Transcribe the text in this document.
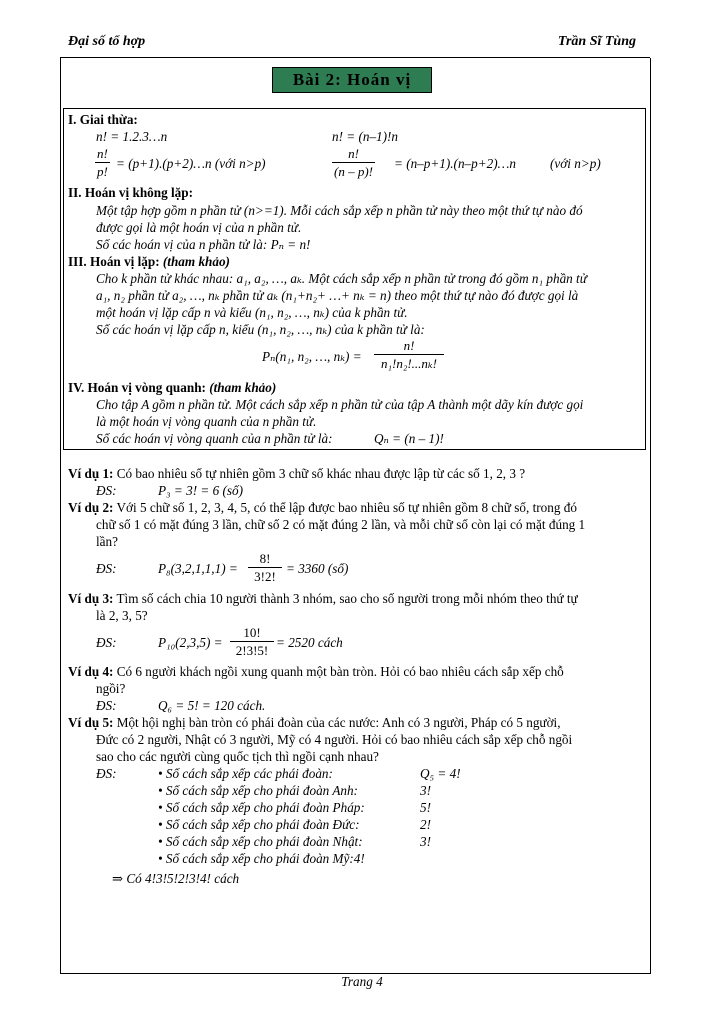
Đại số tổ hợp	Trần Sĩ Tùng
Bài 2: Hoán vị
I. Giai thừa:
n! = 1.2.3…n	n! = (n–1)!n
$\frac{n!}{p!}$ = (p+1).(p+2)…n (với n>p)	$\frac{n!}{(n - p)!}$ = (n–p+1).(n–p+2)…n	(với n>p)
II. Hoán vị không lặp:
Một tập hợp gồm n phần tử (n>=1). Mỗi cách sắp xếp n phần tử này theo một thứ tự nào đó
được gọi là một hoán vị của n phần tử.
Số các hoán vị của n phần tử là: Pₙ = n!
III. Hoán vị lặp: (tham khảo)
Cho k phần tử khác nhau: a₁, a₂, …, aₖ. Một cách sắp xếp n phần tử trong đó gồm n₁ phần tử
a₁, n₂ phần tử a₂, …, nₖ phần tử aₖ (n₁+n₂+ …+ nₖ = n) theo một thứ tự nào đó được gọi là
một hoán vị lặp cấp n và kiểu (n₁, n₂, …, nₖ) của k phần tử.
Số các hoán vị lặp cấp n, kiểu (n₁, n₂, …, nₖ) của k phần tử là:
Pₙ(n₁, n₂, …, $n_k) = \frac{n!}{\text{n₁!n₂!...nₖ!}}$
IV. Hoán vị vòng quanh: (tham khảo)
Cho tập A gồm n phần tử. Một cách sắp xếp n phần tử của tập A thành một dãy kín được gọi
là một hoán vị vòng quanh của n phần tử.
Số các hoán vị vòng quanh của n phần tử là:	Qₙ = (n – 1)!
Ví dụ 1: Có bao nhiêu số tự nhiên gồm 3 chữ số khác nhau được lập từ các số 1, 2, 3 ?
ĐS:	P₃ = 3! = 6 (số)
Ví dụ 2: Với 5 chữ số 1, 2, 3, 4, 5, có thể lập được bao nhiêu số tự nhiên gồm 8 chữ số, trong đó
chữ số 1 có mặt đúng 3 lần, chữ số 2 có mặt đúng 2 lần, và mỗi chữ số còn lại có mặt đúng 1
lần?
ĐS:	$P_8(3,2,1,1,1) = \frac{8!}{3!2!} = 3360$ (số)
Ví dụ 3: Tìm số cách chia 10 người thành 3 nhóm, sao cho số người trong mỗi nhóm theo thứ tự
là 2, 3, 5?
ĐS:	$P_{10}(2,3,5) = \frac{10!}{2!3!5!} = 2520$ cách
Ví dụ 4: Có 6 người khách ngồi xung quanh một bàn tròn. Hỏi có bao nhiêu cách sắp xếp chỗ
ngồi?
ĐS:	Q₆ = 5! = 120 cách.
Ví dụ 5: Một hội nghị bàn tròn có phái đoàn của các nước: Anh có 3 người, Pháp có 5 người,
Đức có 2 người, Nhật có 3 người, Mỹ có 4 người. Hỏi có bao nhiêu cách sắp xếp chỗ ngồi
sao cho các người cùng quốc tịch thì ngồi cạnh nhau?
ĐS:	• Số cách sắp xếp các phái đoàn:	Q₅ = 4!
• Số cách sắp xếp cho phái đoàn Anh:	3!
• Số cách sắp xếp cho phái đoàn Pháp:	5!
• Số cách sắp xếp cho phái đoàn Đức:	2!
• Số cách sắp xếp cho phái đoàn Nhật:	3!
• Số cách sắp xếp cho phái đoàn Mỹ:4!
⇒ Có 4!3!5!2!3!4! cách
Trang 4
